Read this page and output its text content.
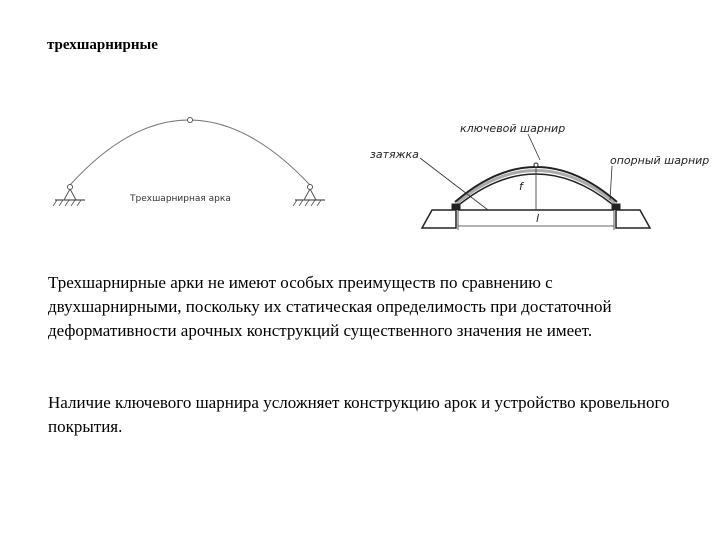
трехшарнирные
Трехшарнирная арка
ключевой шарнир
затяжка	опорный шарнир
f
l

Трехшарнирные арки не имеют особых преимуществ по сравнению с двухшарнирными, поскольку их статическая определимость при достаточной деформативности арочных конструкций существенного значения не имеет.

Наличие ключевого шарнира усложняет конструкцию арок и устройство кровельного покрытия.
